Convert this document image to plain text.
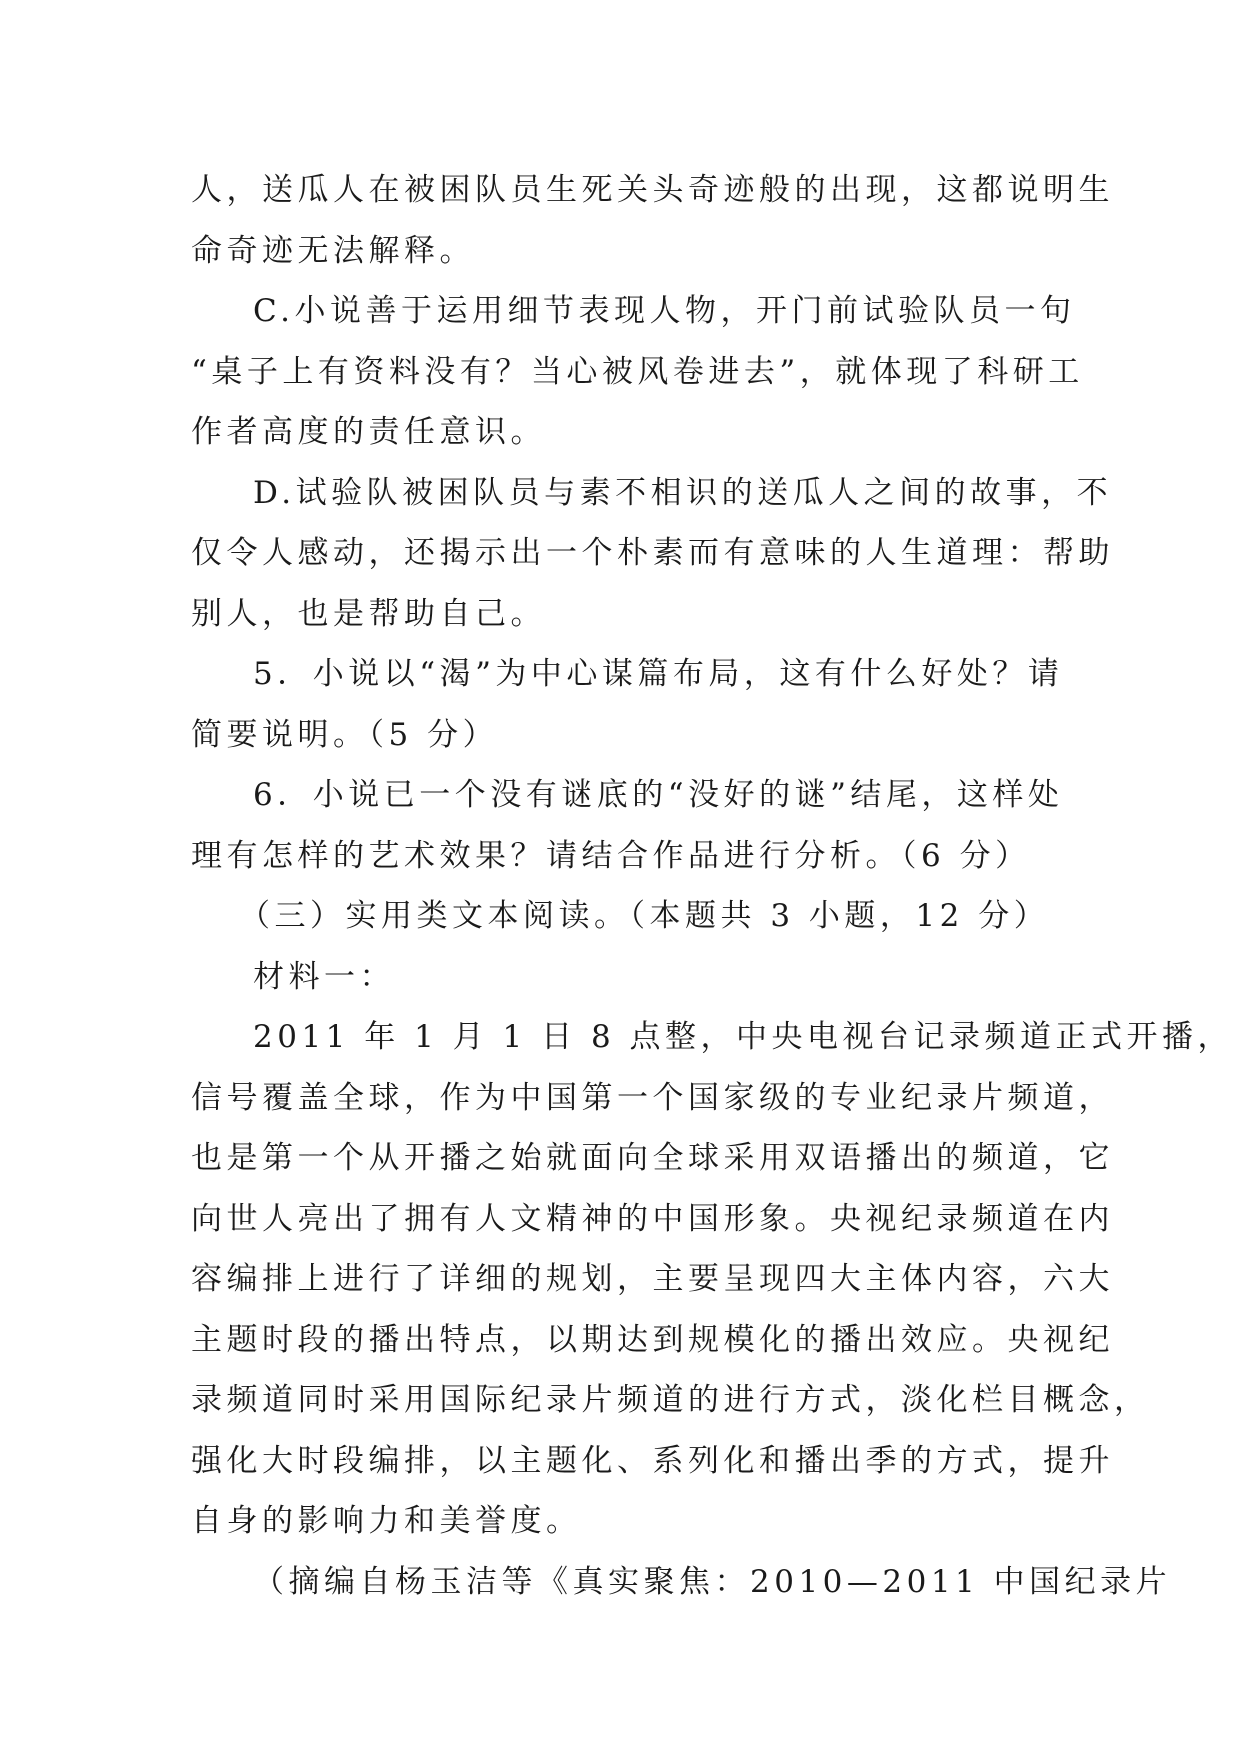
人，送瓜人在被困队员生死关头奇迹般的出现，这都说明生
命奇迹无法解释。
C.小说善于运用细节表现人物，开门前试验队员一句
“桌子上有资料没有？当心被风卷进去”，就体现了科研工
作者高度的责任意识。
D.试验队被困队员与素不相识的送瓜人之间的故事，不
仅令人感动，还揭示出一个朴素而有意味的人生道理：帮助
别人，也是帮助自己。
5．小说以“渴”为中心谋篇布局，这有什么好处？请
简要说明。（5 分）
6．小说已一个没有谜底的“没好的谜”结尾，这样处
理有怎样的艺术效果？请结合作品进行分析。（6 分）
（三）实用类文本阅读。（本题共 3 小题，12 分）
材料一：
2011 年 1 月 1 日 8 点整，中央电视台记录频道正式开播，
信号覆盖全球，作为中国第一个国家级的专业纪录片频道，
也是第一个从开播之始就面向全球采用双语播出的频道，它
向世人亮出了拥有人文精神的中国形象。央视纪录频道在内
容编排上进行了详细的规划，主要呈现四大主体内容，六大
主题时段的播出特点，以期达到规模化的播出效应。央视纪
录频道同时采用国际纪录片频道的进行方式，淡化栏目概念，
强化大时段编排，以主题化、系列化和播出季的方式，提升
自身的影响力和美誉度。
（摘编自杨玉洁等《真实聚焦：2010—2011 中国纪录片
